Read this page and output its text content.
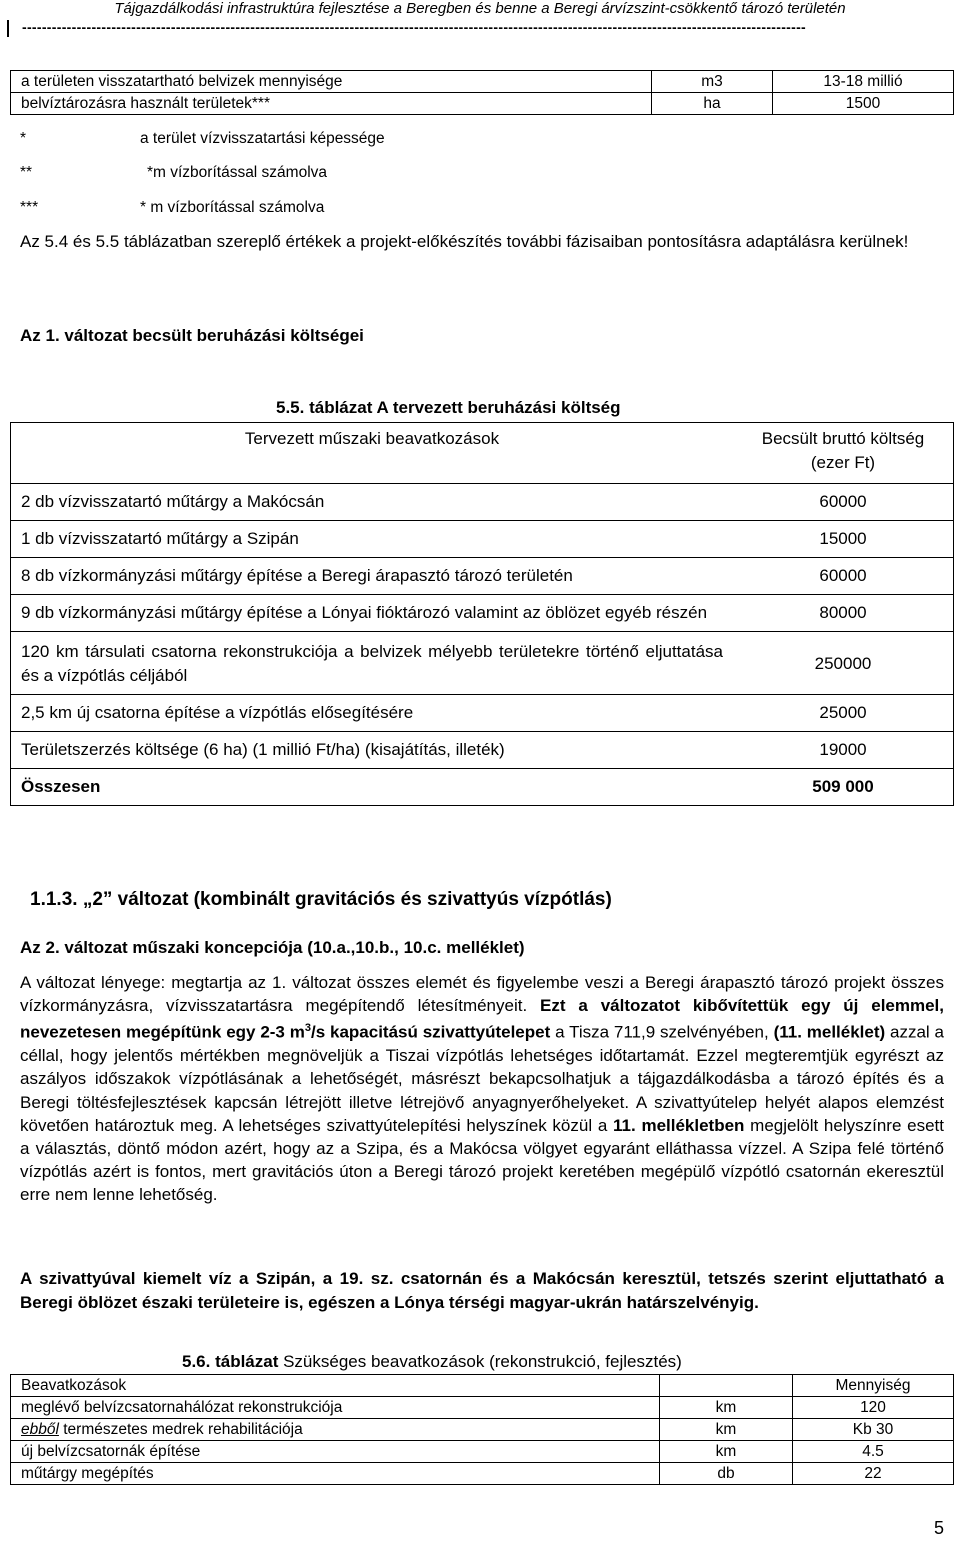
Tájgazdálkodási infrastruktúra fejlesztése a Beregben és benne a Beregi árvízszint-csökkentő tározó területén
--------------------------------------------------------------------------------------------------------------------------------------------------------------
a területen visszatartható belvizek mennyisége	m3	13-18 millió
belvíztározásra használt területek***	ha	1500
*	a terület vízvisszatartási képessége
**	*m vízborítással számolva
***	* m vízborítással számolva
Az 5.4 és 5.5 táblázatban szereplő értékek a projekt-előkészítés további fázisaiban pontosításra adaptálásra kerülnek!
Az 1. változat becsült beruházási költségei
5.5. táblázat A tervezett beruházási költség
Tervezett műszaki beavatkozások	Becsült bruttó költség (ezer Ft)
2 db vízvisszatartó műtárgy a Makócsán	60000
1 db vízvisszatartó műtárgy a Szipán	15000
8 db vízkormányzási műtárgy építése a Beregi árapasztó tározó területén	60000
9 db vízkormányzási műtárgy építése a Lónyai fióktározó valamint az öblözet egyéb részén	80000
120 km társulati csatorna rekonstrukciója a belvizek mélyebb területekre történő eljuttatása és a vízpótlás céljából	250000
2,5 km új csatorna építése a vízpótlás elősegítésére	25000
Területszerzés költsége (6 ha) (1 millió Ft/ha) (kisajátítás, illeték)	19000
Összesen	509 000
1.1.3. „2” változat (kombinált gravitációs és szivattyús vízpótlás)
Az 2. változat műszaki koncepciója (10.a.,10.b., 10.c. melléklet)
A változat lényege: megtartja az 1. változat összes elemét és figyelembe veszi a Beregi árapasztó tározó projekt összes vízkormányzásra, vízvisszatartásra megépítendő létesítményeit. Ezt a változatot kibővítettük egy új elemmel, nevezetesen megépítünk egy 2-3 $m^3/s$ kapacitású szivattyútelepet a Tisza 711,9 szelvényében, (11. melléklet) azzal a céllal, hogy jelentős mértékben megnöveljük a Tiszai vízpótlás lehetséges időtartamát. Ezzel megteremtjük egyrészt az aszályos időszakok vízpótlásának a lehetőségét, másrészt bekapcsolhatjuk a tájgazdálkodásba a tározó építés és a Beregi töltésfejlesztések kapcsán létrejött illetve létrejövő anyagnyerőhelyeket. A szivattyútelep helyét alapos elemzést követően határoztuk meg. A lehetséges szivattyútelepítési helyszínek közül a 11. mellékletben megjelölt helyszínre esett a választás, döntő módon azért, hogy az a Szipa, és a Makócsa völgyet egyaránt elláthassa vízzel. A Szipa felé történő vízpótlás azért is fontos, mert gravitációs úton a Beregi tározó projekt keretében megépülő vízpótló csatornán ekeresztül erre nem lenne lehetőség.
A szivattyúval kiemelt víz a Szipán, a 19. sz. csatornán és a Makócsán keresztül, tetszés szerint eljuttatható a Beregi öblözet északi területeire is, egészen a Lónya térségi magyar-ukrán határszelvényig.
5.6. táblázat Szükséges beavatkozások (rekonstrukció, fejlesztés)
Beavatkozások		Mennyiség
meglévő belvízcsatornahálózat rekonstrukciója	km	120
ebből természetes medrek rehabilitációja	km	Kb 30
új belvízcsatornák építése	km	4.5
műtárgy megépítés	db	22
5
